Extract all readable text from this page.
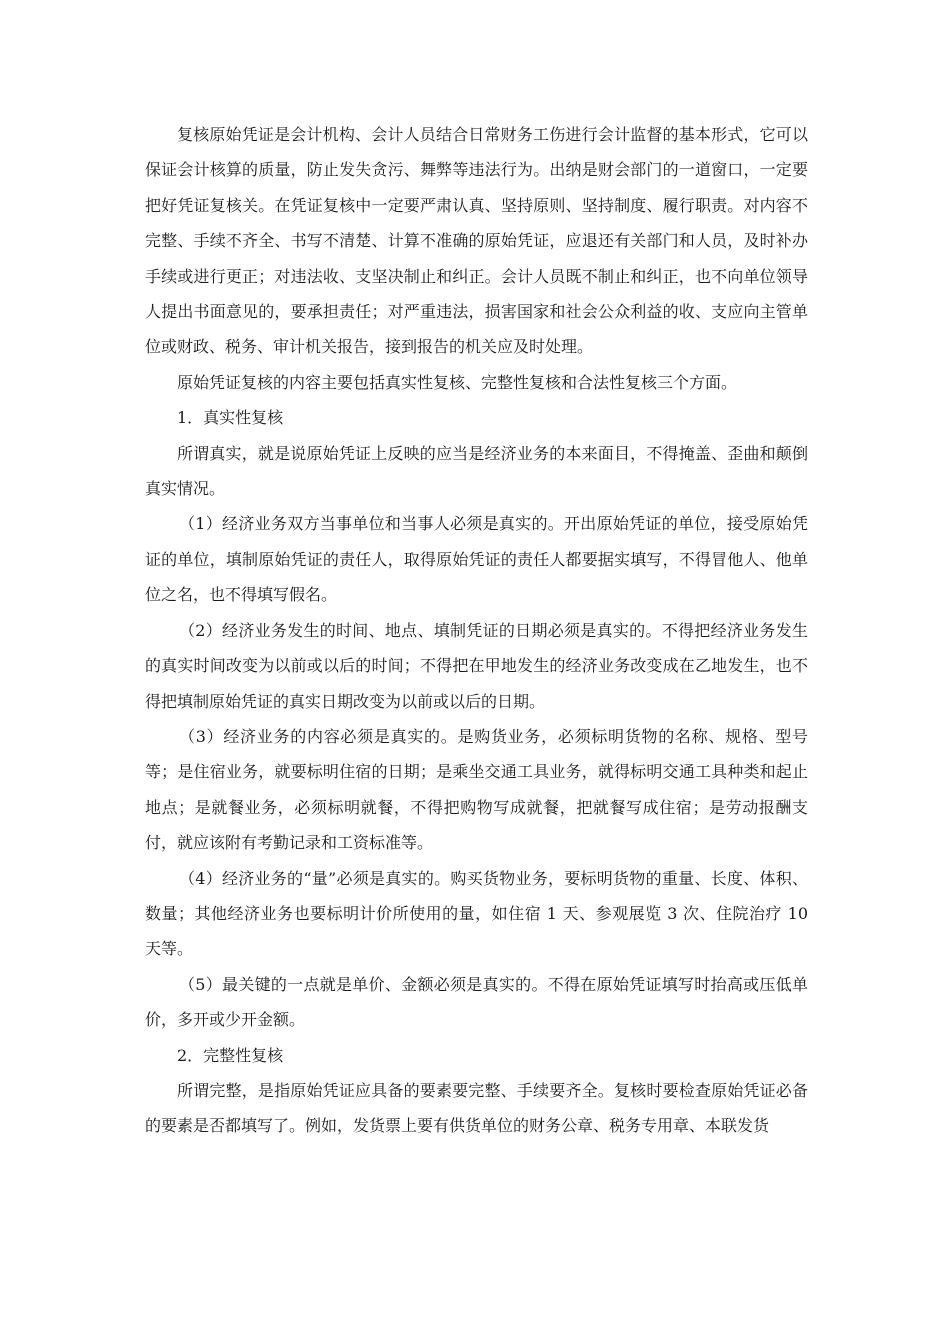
复核原始凭证是会计机构、会计人员结合日常财务工伤进行会计监督的基本形式，它可以保证会计核算的质量，防止发失贪污、舞弊等违法行为。出纳是财会部门的一道窗口，一定要把好凭证复核关。在凭证复核中一定要严肃认真、坚持原则、坚持制度、履行职责。对内容不完整、手续不齐全、书写不清楚、计算不准确的原始凭证，应退还有关部门和人员，及时补办手续或进行更正；对违法收、支坚决制止和纠正。会计人员既不制止和纠正，也不向单位领导人提出书面意见的，要承担责任；对严重违法，损害国家和社会公众利益的收、支应向主管单位或财政、税务、审计机关报告，接到报告的机关应及时处理。

原始凭证复核的内容主要包括真实性复核、完整性复核和合法性复核三个方面。

1．真实性复核

所谓真实，就是说原始凭证上反映的应当是经济业务的本来面目，不得掩盖、歪曲和颠倒真实情况。

（1）经济业务双方当事单位和当事人必须是真实的。开出原始凭证的单位，接受原始凭证的单位，填制原始凭证的责任人，取得原始凭证的责任人都要据实填写，不得冒他人、他单位之名，也不得填写假名。

（2）经济业务发生的时间、地点、填制凭证的日期必须是真实的。不得把经济业务发生的真实时间改变为以前或以后的时间；不得把在甲地发生的经济业务改变成在乙地发生，也不得把填制原始凭证的真实日期改变为以前或以后的日期。

（3）经济业务的内容必须是真实的。是购货业务，必须标明货物的名称、规格、型号等；是住宿业务，就要标明住宿的日期；是乘坐交通工具业务，就得标明交通工具种类和起止地点；是就餐业务，必须标明就餐，不得把购物写成就餐，把就餐写成住宿；是劳动报酬支付，就应该附有考勤记录和工资标准等。

（4）经济业务的“量”必须是真实的。购买货物业务，要标明货物的重量、长度、体积、数量；其他经济业务也要标明计价所使用的量，如住宿 1 天、参观展览 3 次、住院治疗 10 天等。

（5）最关键的一点就是单价、金额必须是真实的。不得在原始凭证填写时抬高或压低单价，多开或少开金额。

2．完整性复核

所谓完整，是指原始凭证应具备的要素要完整、手续要齐全。复核时要检查原始凭证必备的要素是否都填写了。例如，发货票上要有供货单位的财务公章、税务专用章、本联发货
